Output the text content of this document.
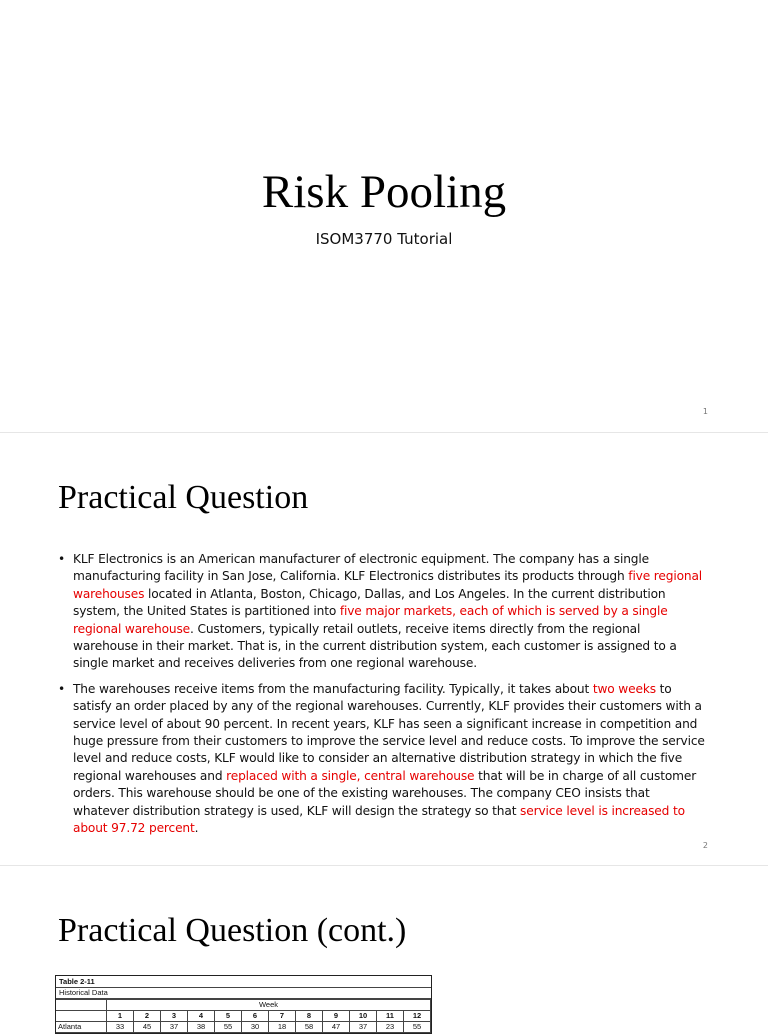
Risk Pooling
ISOM3770 Tutorial
1
Practical Question
• KLF Electronics is an American manufacturer of electronic equipment. The company has a single manufacturing facility in San Jose, California. KLF Electronics distributes its products through five regional warehouses located in Atlanta, Boston, Chicago, Dallas, and Los Angeles. In the current distribution system, the United States is partitioned into five major markets, each of which is served by a single regional warehouse. Customers, typically retail outlets, receive items directly from the regional warehouse in their market. That is, in the current distribution system, each customer is assigned to a single market and receives deliveries from one regional warehouse.
• The warehouses receive items from the manufacturing facility. Typically, it takes about two weeks to satisfy an order placed by any of the regional warehouses. Currently, KLF provides their customers with a service level of about 90 percent. In recent years, KLF has seen a significant increase in competition and huge pressure from their customers to improve the service level and reduce costs. To improve the service level and reduce costs, KLF would like to consider an alternative distribution strategy in which the five regional warehouses and replaced with a single, central warehouse that will be in charge of all customer orders. This warehouse should be one of the existing warehouses. The company CEO insists that whatever distribution strategy is used, KLF will design the strategy so that service level is increased to about 97.72 percent.
2
Practical Question (cont.)
Table 2-11
Historical Data
	Week											
	1	2	3	4	5	6	7	8	9	10	11	12
Atlanta	33	45	37	38	55	30	18	58	47	37	23	55
